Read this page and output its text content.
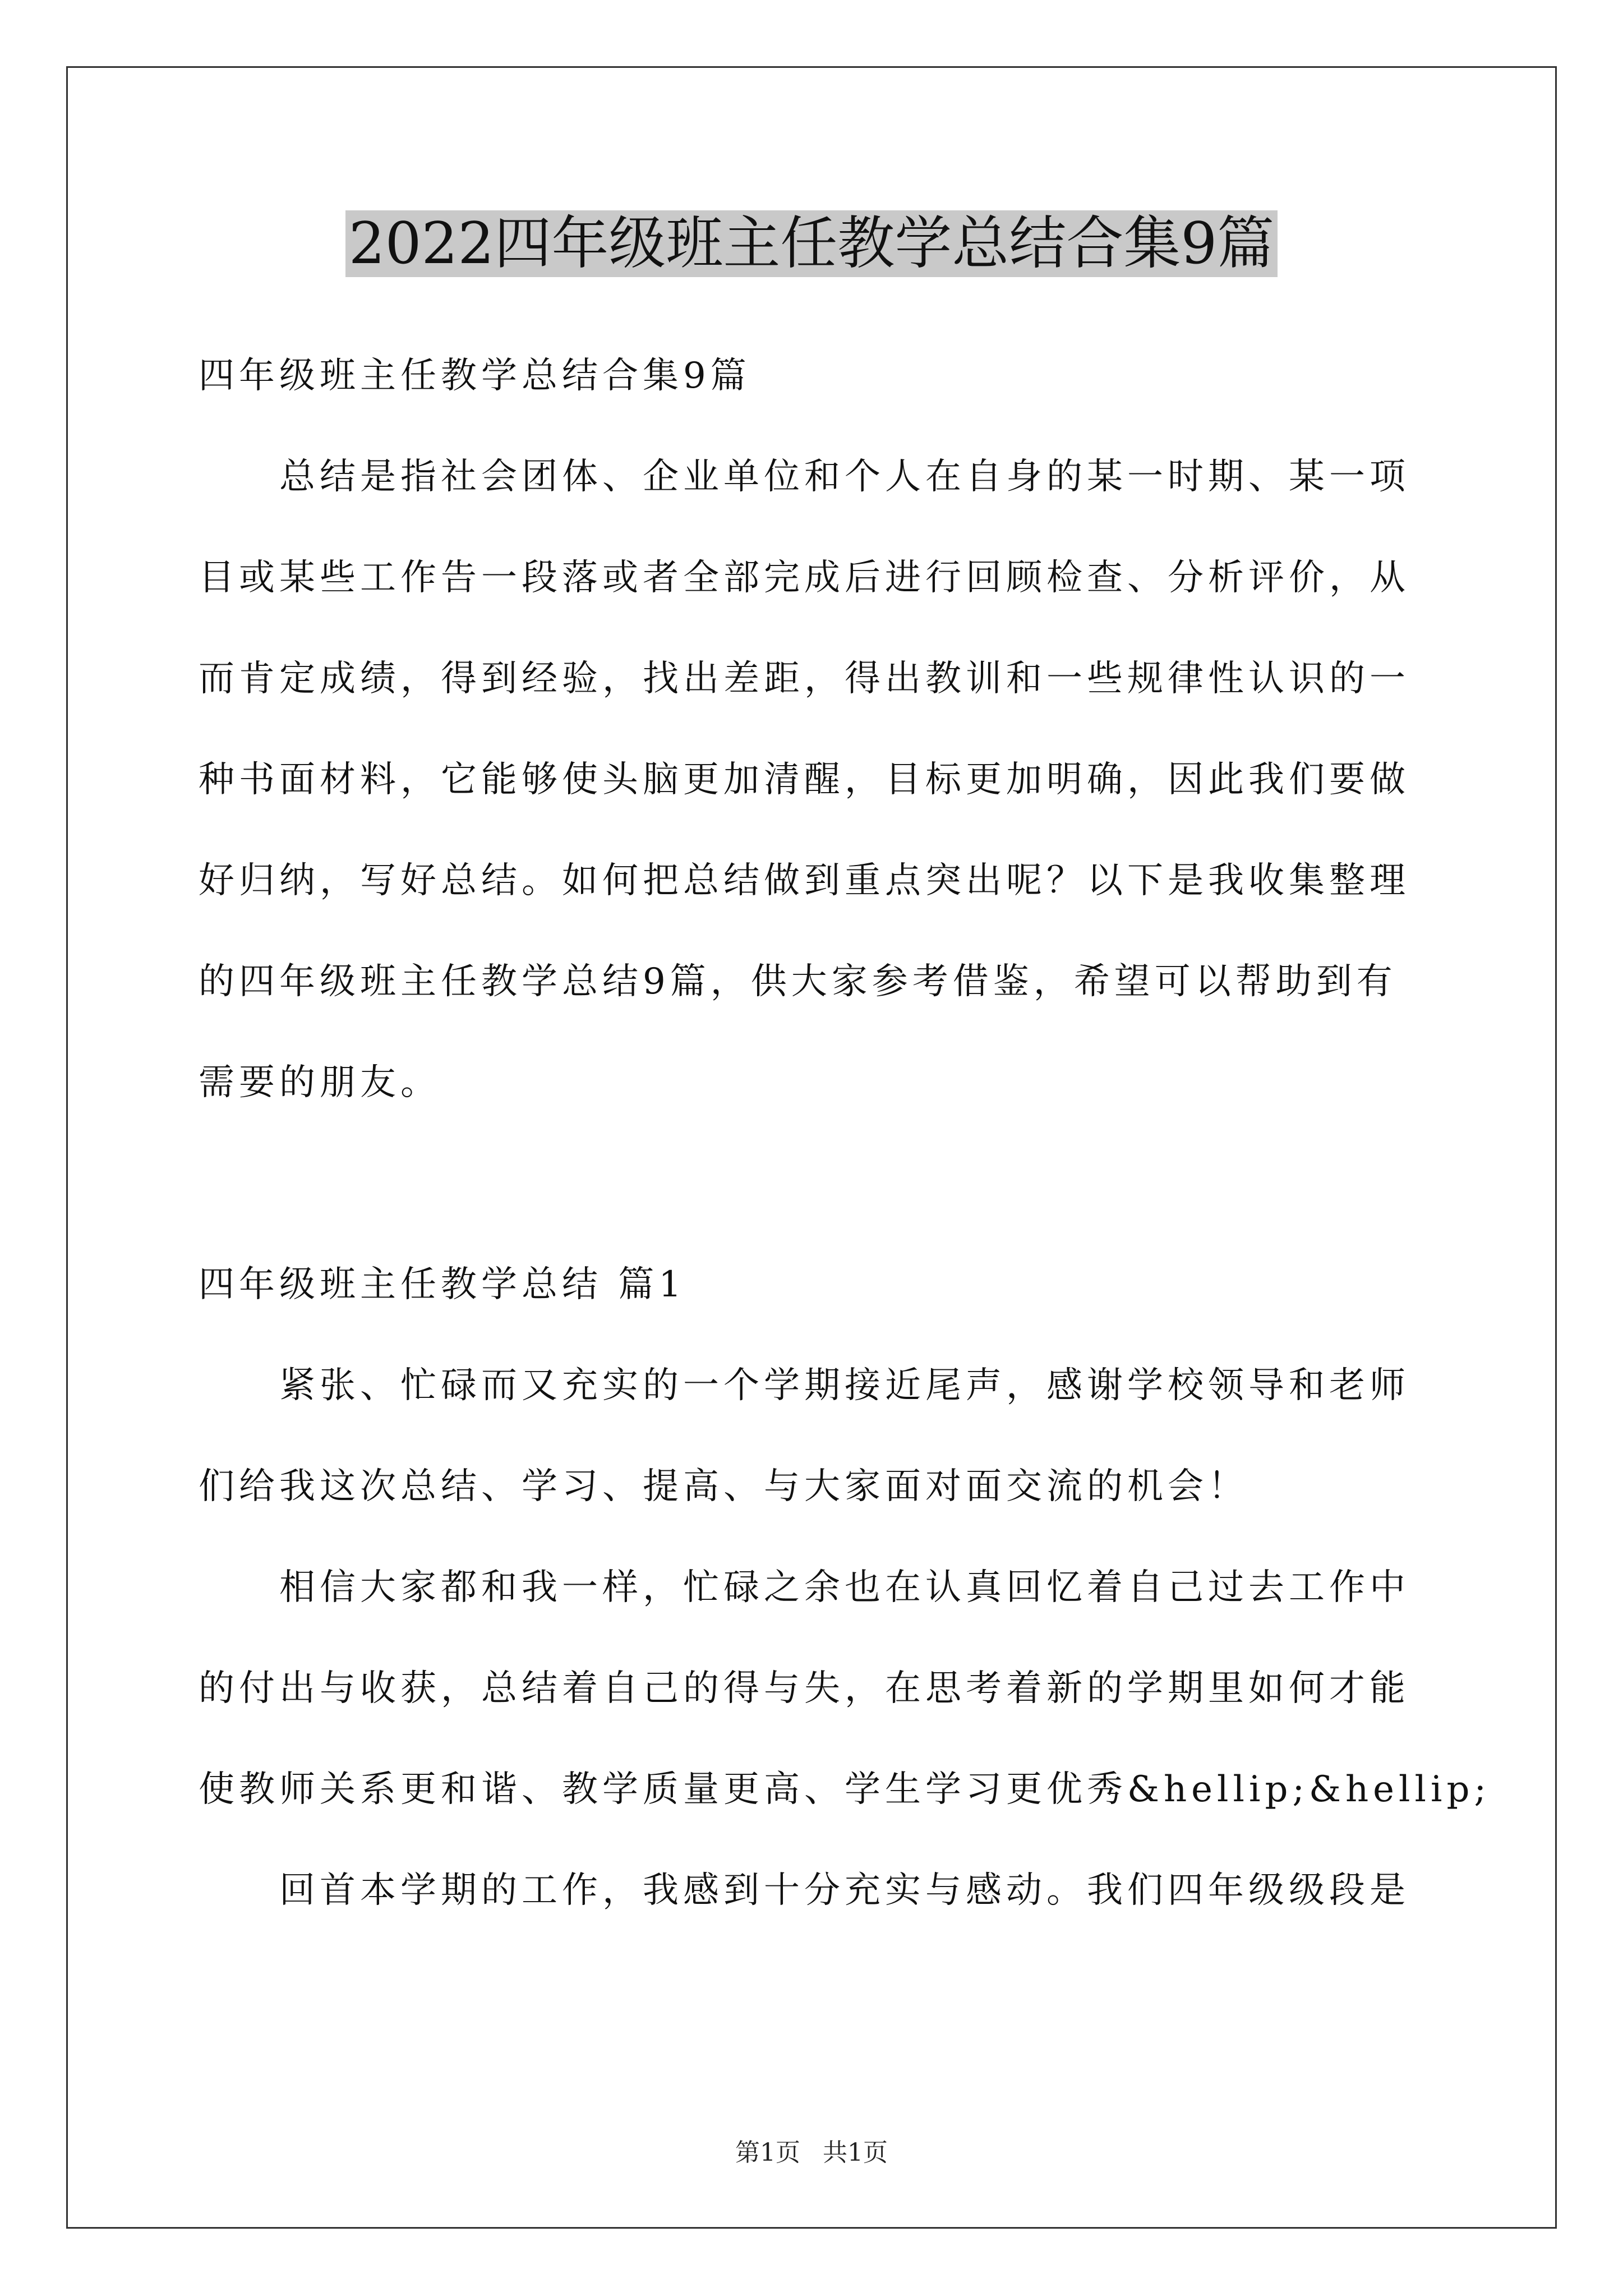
2022四年级班主任教学总结合集9篇
四年级班主任教学总结合集9篇
总结是指社会团体、企业单位和个人在自身的某一时期、某一项
目或某些工作告一段落或者全部完成后进行回顾检查、分析评价，从
而肯定成绩，得到经验，找出差距，得出教训和一些规律性认识的一
种书面材料，它能够使头脑更加清醒，目标更加明确，因此我们要做
好归纳，写好总结。如何把总结做到重点突出呢？以下是我收集整理
的四年级班主任教学总结9篇，供大家参考借鉴，希望可以帮助到有
需要的朋友。
四年级班主任教学总结 篇1
紧张、忙碌而又充实的一个学期接近尾声，感谢学校领导和老师
们给我这次总结、学习、提高、与大家面对面交流的机会！
相信大家都和我一样，忙碌之余也在认真回忆着自己过去工作中
的付出与收获，总结着自己的得与失，在思考着新的学期里如何才能
使教师关系更和谐、教学质量更高、学生学习更优秀&hellip;&hellip;
回首本学期的工作，我感到十分充实与感动。我们四年级级段是
第1页 共1页
